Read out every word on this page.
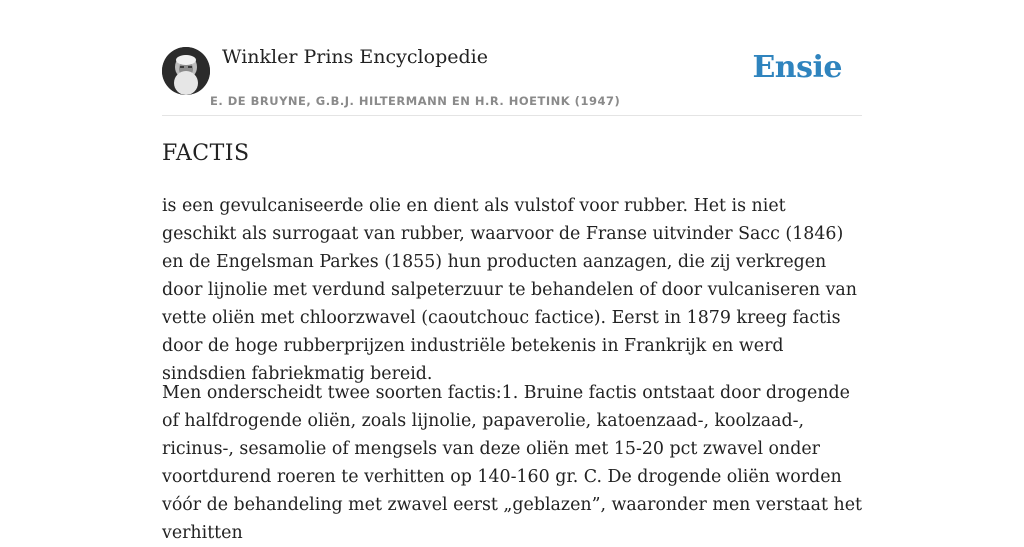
Winkler Prins Encyclopedie
E. DE BRUYNE, G.B.J. HILTERMANN EN H.R. HOETINK (1947)
Ensie
FACTIS

is een gevulcaniseerde olie en dient als vulstof voor rubber. Het is niet geschikt als surrogaat van rubber, waarvoor de Franse uitvinder Sacc (1846) en de Engelsman Parkes (1855) hun producten aanzagen, die zij verkregen door lijnolie met verdund salpeterzuur te behandelen of door vulcaniseren van vette oliën met chloorzwavel (caoutchouc factice). Eerst in 1879 kreeg factis door de hoge rubberprijzen industriële betekenis in Frankrijk en werd sindsdien fabriekmatig bereid.

Men onderscheidt twee soorten factis:1. Bruine factis ontstaat door drogende of halfdrogende oliën, zoals lijnolie, papaverolie, katoenzaad-, koolzaad-, ricinus-, sesamolie of mengsels van deze oliën met 15-20 pct zwavel onder voortdurend roeren te verhitten op 140-160 gr. C. De drogende oliën worden vóór de behandeling met zwavel eerst „geblazen”, waaronder men verstaat het verhitten
